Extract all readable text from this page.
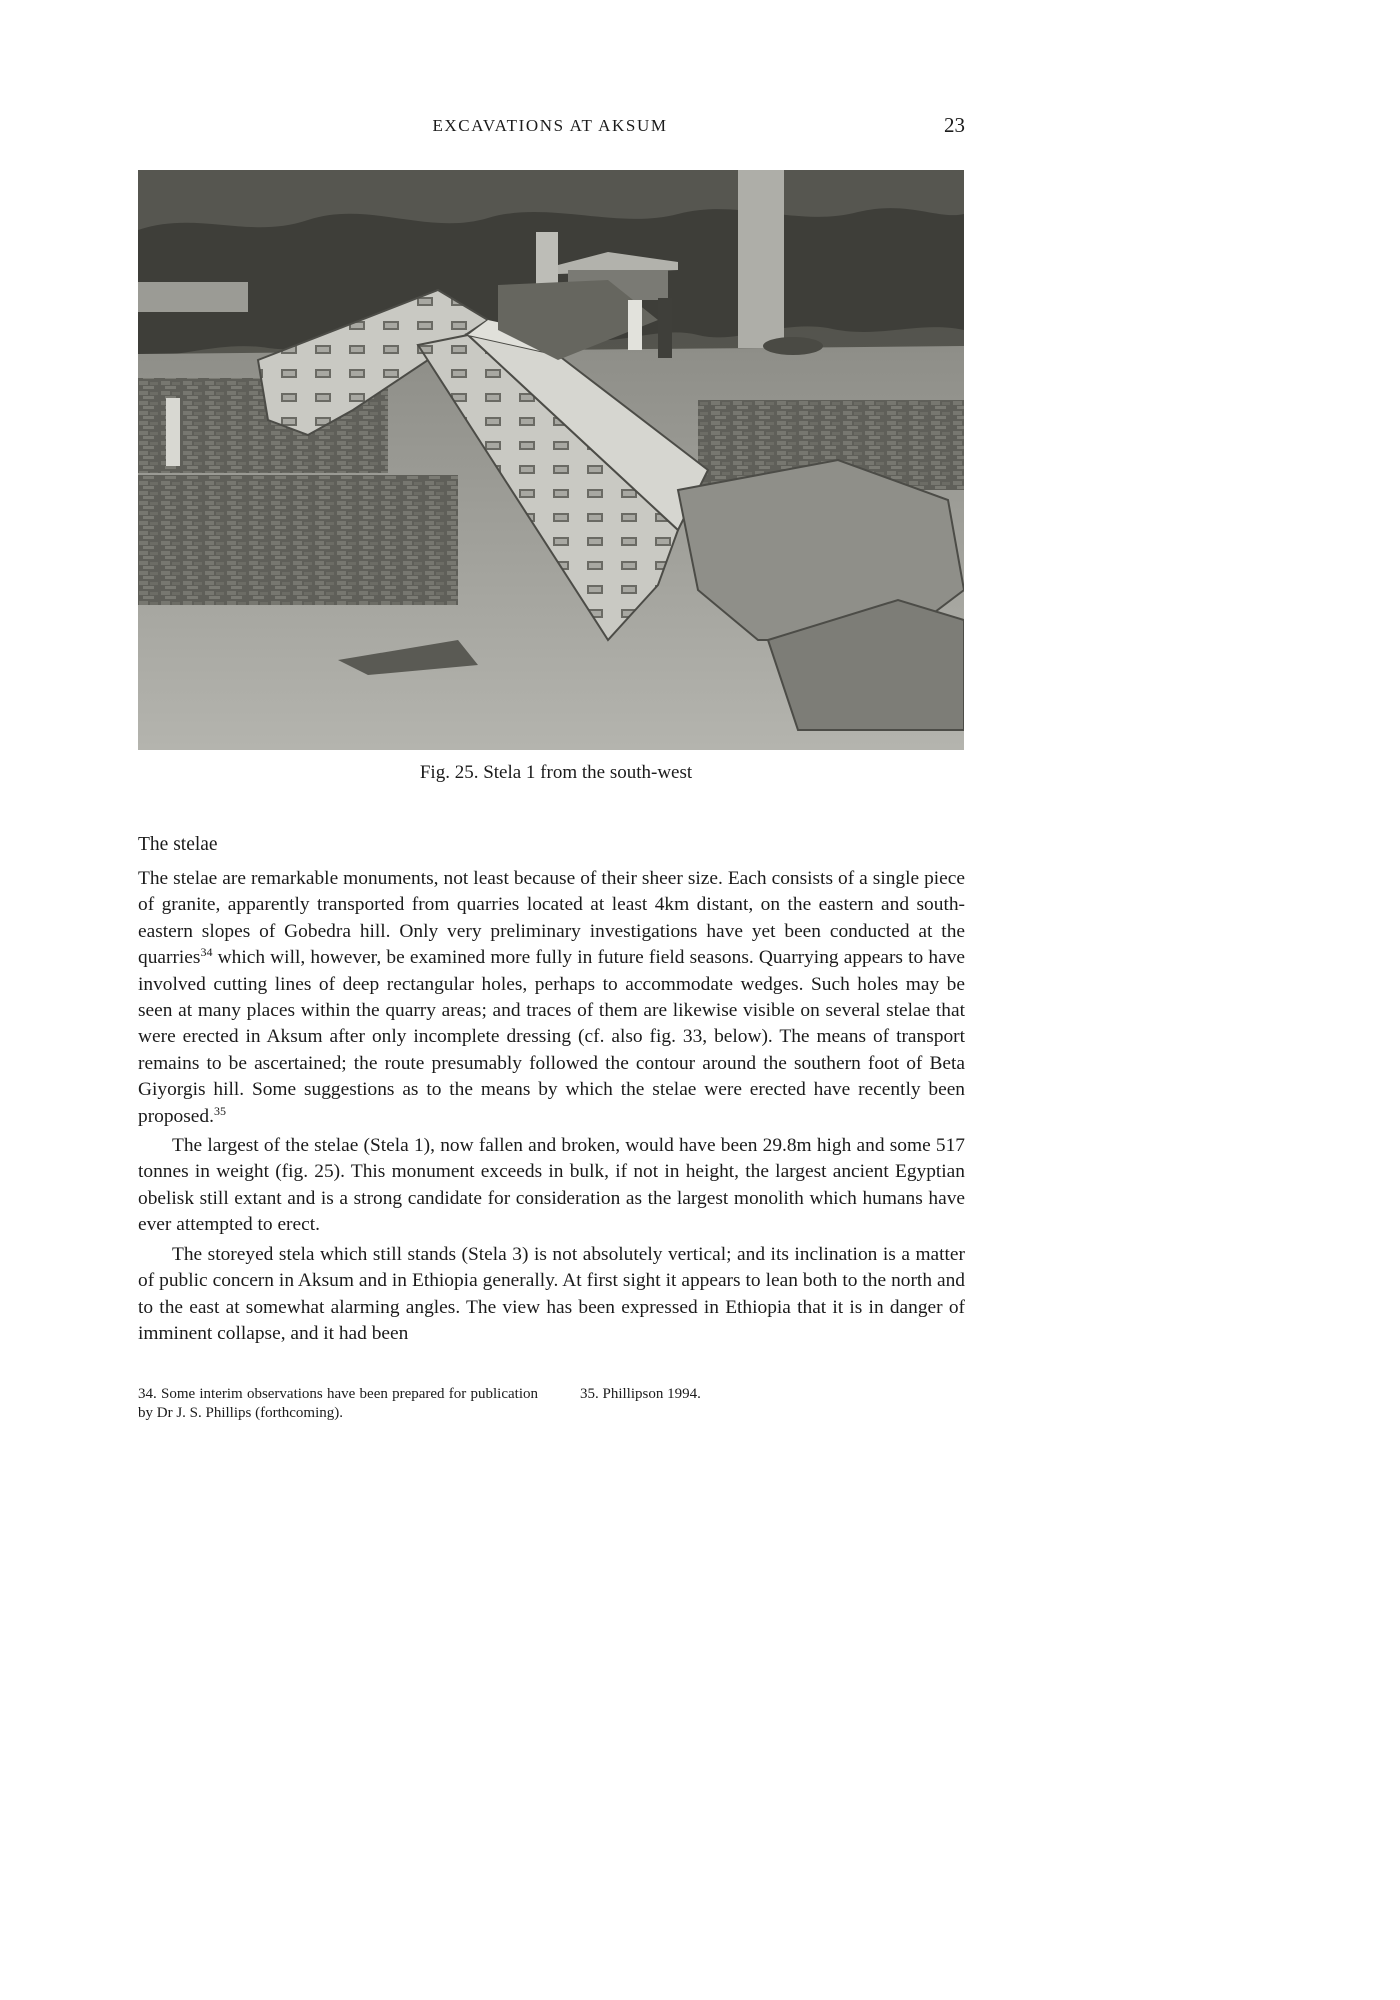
EXCAVATIONS AT AKSUM	23
Fig. 25. Stela 1 from the south-west
The stelae

The stelae are remarkable monuments, not least because of their sheer size. Each consists of a single piece of granite, apparently transported from quarries located at least 4km distant, on the eastern and south-eastern slopes of Gobedra hill. Only very preliminary investigations have yet been conducted at the quarries$^{34}$ which will, however, be examined more fully in future field seasons. Quarrying appears to have involved cutting lines of deep rectangular holes, perhaps to accommodate wedges. Such holes may be seen at many places within the quarry areas; and traces of them are likewise visible on several stelae that were erected in Aksum after only incomplete dressing (cf. also fig. 33, below). The means of transport remains to be ascertained; the route presumably followed the contour around the southern foot of Beta Giyorgis hill. Some suggestions as to the means by which the stelae were erected have recently been proposed.$^{35}$

The largest of the stelae (Stela 1), now fallen and broken, would have been 29.8m high and some 517 tonnes in weight (fig. 25). This monument exceeds in bulk, if not in height, the largest ancient Egyptian obelisk still extant and is a strong candidate for consideration as the largest monolith which humans have ever attempted to erect.

The storeyed stela which still stands (Stela 3) is not absolutely vertical; and its inclination is a matter of public concern in Aksum and in Ethiopia generally. At first sight it appears to lean both to the north and to the east at somewhat alarming angles. The view has been expressed in Ethiopia that it is in danger of imminent collapse, and it had been

34. Some interim observations have been prepared for publication by Dr J. S. Phillips (forthcoming).
35. Phillipson 1994.
